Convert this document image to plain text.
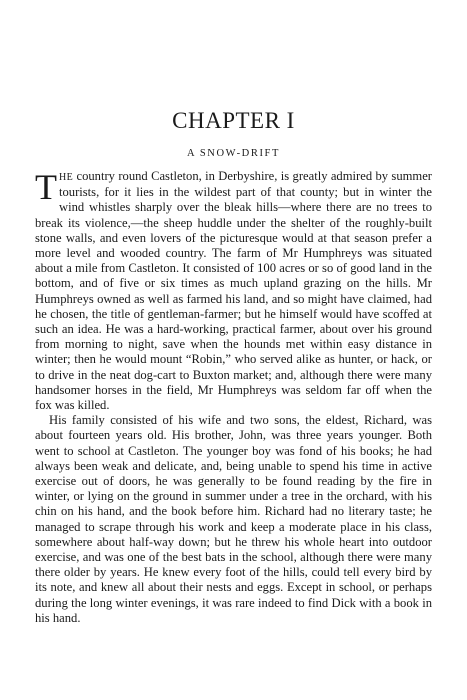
CHAPTER I
A SNOW-DRIFT

THE country round Castleton, in Derbyshire, is greatly admired by summer tourists, for it lies in the wildest part of that county; but in winter the wind whistles sharply over the bleak hills—where there are no trees to break its violence,—the sheep huddle under the shelter of the roughly-built stone walls, and even lovers of the picturesque would at that season prefer a more level and wooded country. The farm of Mr Humphreys was situated about a mile from Castleton. It consisted of 100 acres or so of good land in the bottom, and of five or six times as much upland grazing on the hills. Mr Humphreys owned as well as farmed his land, and so might have claimed, had he chosen, the title of gentleman-farmer; but he himself would have scoffed at such an idea. He was a hard-working, practical farmer, about over his ground from morning to night, save when the hounds met within easy distance in winter; then he would mount “Robin,” who served alike as hunter, or hack, or to drive in the neat dog-cart to Buxton market; and, although there were many handsomer horses in the field, Mr Humphreys was seldom far off when the fox was killed.

His family consisted of his wife and two sons, the eldest, Richard, was about fourteen years old. His brother, John, was three years younger. Both went to school at Castleton. The younger boy was fond of his books; he had always been weak and delicate, and, being unable to spend his time in active exercise out of doors, he was generally to be found reading by the fire in winter, or lying on the ground in summer under a tree in the orchard, with his chin on his hand, and the book before him. Richard had no literary taste; he managed to scrape through his work and keep a moderate place in his class, somewhere about half-way down; but he threw his whole heart into outdoor exercise, and was one of the best bats in the school, although there were many there older by years. He knew every foot of the hills, could tell every bird by its note, and knew all about their nests and eggs. Except in school, or perhaps during the long winter evenings, it was rare indeed to find Dick with a book in his hand.
